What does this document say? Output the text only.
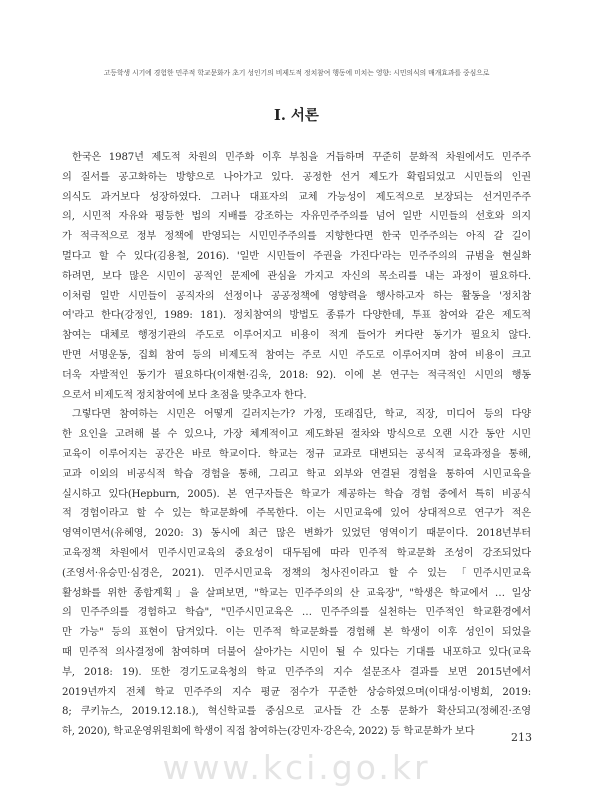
고등학생 시기에 경험한 민주적 학교문화가 초기 성인기의 비제도적 정치참여 행동에 미치는 영향: 시민의식의 매개효과를 중심으로
Ⅰ. 서론
한국은 1987년 제도적 차원의 민주화 이후 부침을 거듭하며 꾸준히 문화적 차원에서도 민주주
의 질서를 공고화하는 방향으로 나아가고 있다. 공정한 선거 제도가 확립되었고 시민들의 인권
의식도 과거보다 성장하였다. 그러나 대표자의 교체 가능성이 제도적으로 보장되는 선거민주주
의, 시민적 자유와 평등한 법의 지배를 강조하는 자유민주주의를 넘어 일반 시민들의 선호와 의지
가 적극적으로 정부 정책에 반영되는 시민민주주의를 지향한다면 한국 민주주의는 아직 갈 길이
멀다고 할 수 있다(김용철, 2016). '일반 시민들이 주권을 가진다'라는 민주주의의 규범을 현실화
하려면, 보다 많은 시민이 공적인 문제에 관심을 가지고 자신의 목소리를 내는 과정이 필요하다.
이처럼 일반 시민들이 공직자의 선정이나 공공정책에 영향력을 행사하고자 하는 활동을 '정치참
여'라고 한다(강정인, 1989: 181). 정치참여의 방법도 종류가 다양한데, 투표 참여와 같은 제도적
참여는 대체로 행정기관의 주도로 이루어지고 비용이 적게 들어가 커다란 동기가 필요치 않다.
반면 서명운동, 집회 참여 등의 비제도적 참여는 주로 시민 주도로 이루어지며 참여 비용이 크고
더욱 자발적인 동기가 필요하다(이재현·김욱, 2018: 92). 이에 본 연구는 적극적인 시민의 행동
으로서 비제도적 정치참여에 보다 초점을 맞추고자 한다.
그렇다면 참여하는 시민은 어떻게 길러지는가? 가정, 또래집단, 학교, 직장, 미디어 등의 다양
한 요인을 고려해 볼 수 있으나, 가장 체계적이고 제도화된 절차와 방식으로 오랜 시간 동안 시민
교육이 이루어지는 공간은 바로 학교이다. 학교는 정규 교과로 대변되는 공식적 교육과정을 통해,
교과 이외의 비공식적 학습 경험을 통해, 그리고 학교 외부와 연결된 경험을 통하여 시민교육을
실시하고 있다(Hepburn, 2005). 본 연구자들은 학교가 제공하는 학습 경험 중에서 특히 비공식
적 경험이라고 할 수 있는 학교문화에 주목한다. 이는 시민교육에 있어 상대적으로 연구가 적은
영역이면서(유혜영, 2020: 3) 동시에 최근 많은 변화가 있었던 영역이기 때문이다. 2018년부터
교육정책 차원에서 민주시민교육의 중요성이 대두됨에 따라 민주적 학교문화 조성이 강조되었다
(조영서·유승민·심경은, 2021). 민주시민교육 정책의 청사진이라고 할 수 있는 「민주시민교육
활성화를 위한 종합계획」을 살펴보면, "학교는 민주주의의 산 교육장", "학생은 학교에서 … 일상
의 민주주의를 경험하고 학습", "민주시민교육은 … 민주주의를 실천하는 민주적인 학교환경에서
만 가능" 등의 표현이 담겨있다. 이는 민주적 학교문화를 경험해 본 학생이 이후 성인이 되었을
때 민주적 의사결정에 참여하며 더불어 살아가는 시민이 될 수 있다는 기대를 내포하고 있다(교육
부, 2018: 19). 또한 경기도교육청의 학교 민주주의 지수 설문조사 결과를 보면 2015년에서
2019년까지 전체 학교 민주주의 지수 평균 점수가 꾸준한 상승하였으며(이대성·이병희, 2019:
8; 쿠키뉴스, 2019.12.18.), 혁신학교를 중심으로 교사들 간 소통 문화가 확산되고(정혜진·조영
하, 2020), 학교운영위원회에 학생이 직접 참여하는(강민자·강은숙, 2022) 등 학교문화가 보다	213
www.kci.go.kr
